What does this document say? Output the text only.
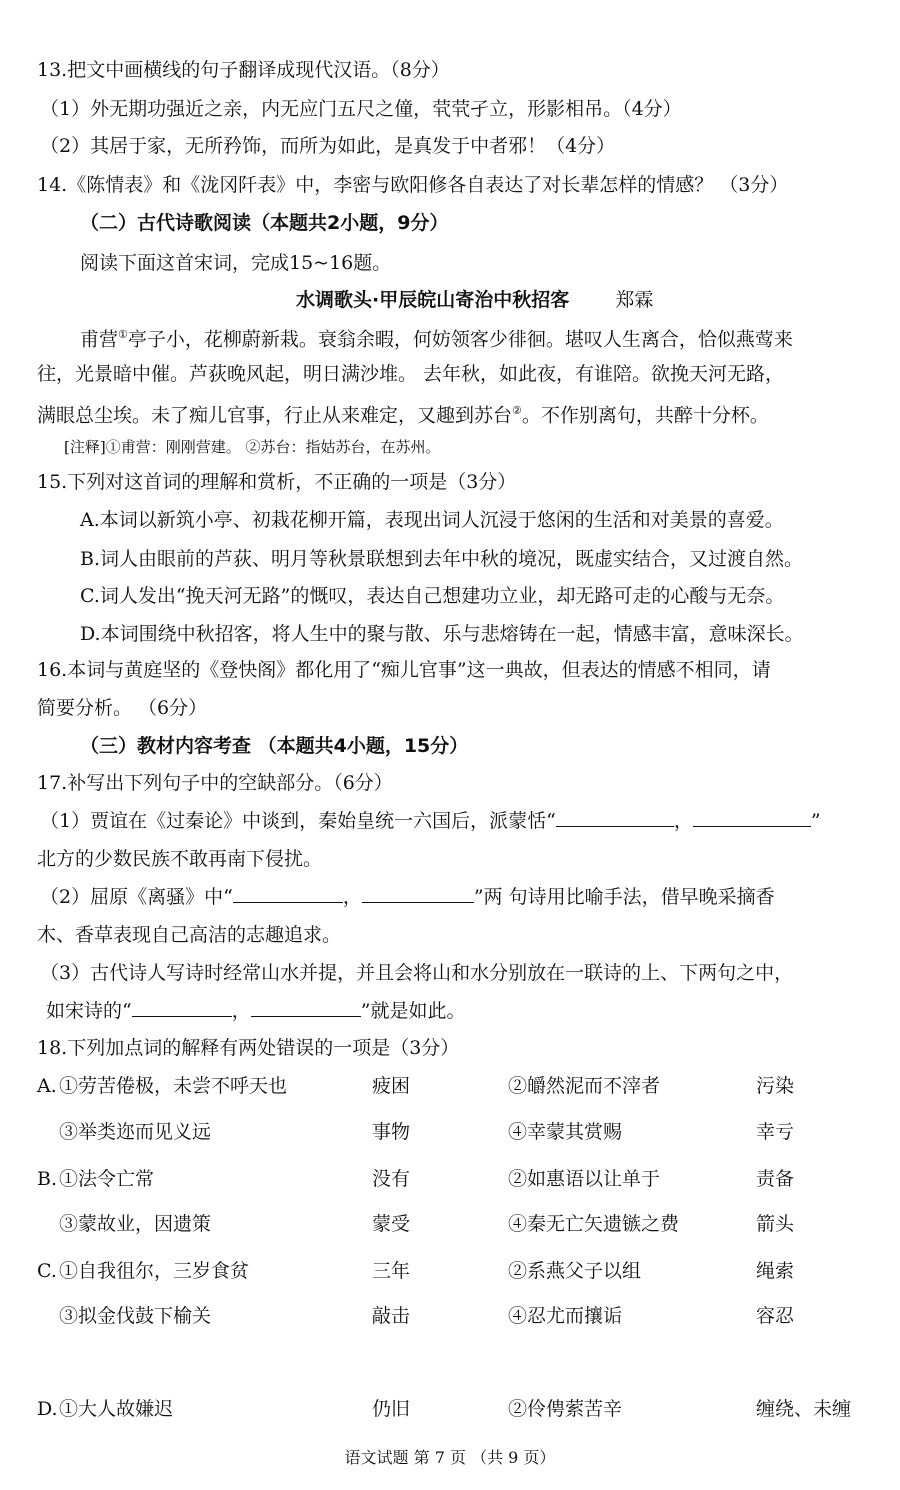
13.把文中画横线的句子翻译成现代汉语。（8分）
（1）外无期功强近之亲，内无应门五尺之僮，茕茕孑立，形影相吊。（4分）
（2）其居于家，无所矜饰，而所为如此，是真发于中者邪！（4分）
14.《陈情表》和《泷冈阡表》中，李密与欧阳修各自表达了对长辈怎样的情感？ （3分）
（二）古代诗歌阅读（本题共2小题，9分）
阅读下面这首宋词，完成15~16题。
水调歌头·甲辰皖山寄治中秋招客 郑霖
甫营①亭子小，花柳蔚新栽。衰翁余暇，何妨领客少徘徊。堪叹人生离合，恰似燕莺来
往，光景暗中催。芦荻晚风起，明日满沙堆。 去年秋，如此夜，有谁陪。欲挽天河无路，
满眼总尘埃。未了痴儿官事，行止从来难定，又趣到苏台②。不作别离句，共醉十分杯。
[注释]①甫营：刚刚营建。 ②苏台：指姑苏台，在苏州。
15.下列对这首词的理解和赏析，不正确的一项是（3分）
A.本词以新筑小亭、初栽花柳开篇，表现出词人沉浸于悠闲的生活和对美景的喜爱。
B.词人由眼前的芦荻、明月等秋景联想到去年中秋的境况，既虚实结合，又过渡自然。
C.词人发出“挽天河无路”的慨叹，表达自己想建功立业，却无路可走的心酸与无奈。
D.本词围绕中秋招客，将人生中的聚与散、乐与悲熔铸在一起，情感丰富，意味深长。
16.本词与黄庭坚的《登快阁》都化用了“痴儿官事”这一典故，但表达的情感不相同，请
简要分析。 （6分）
（三）教材内容考查 （本题共4小题，15分）
17.补写出下列句子中的空缺部分。（6分）
（1）贾谊在《过秦论》中谈到，秦始皇统一六国后，派蒙恬“	，	”
北方的少数民族不敢再南下侵扰。
（2）屈原《离骚》中“	，	”两 句诗用比喻手法，借早晚采摘香
木、香草表现自己高洁的志趣追求。
（3）古代诗人写诗时经常山水并提，并且会将山和水分别放在一联诗的上、下两句之中，
如宋诗的“	，	”就是如此。
18.下列加点词的解释有两处错误的一项是（3分）
A. ①劳苦倦极，未尝不呼天也	疲困	②皭然泥而不滓者	污染
③举类迩而见义远	事物	④幸蒙其赏赐	幸亏
B. ①法令亡常	没有	②如惠语以让单于	责备
③蒙故业，因遗策	蒙受	④秦无亡矢遗镞之费	箭头
C. ①自我徂尔，三岁食贫	三年	②系燕父子以组	绳索
③拟金伐鼓下榆关	敲击	④忍尤而攘诟	容忍
D. ①大人故嫌迟	仍旧	②伶俜萦苦辛	缠绕、未缠
语文试题 第 7 页 （共 9 页）
